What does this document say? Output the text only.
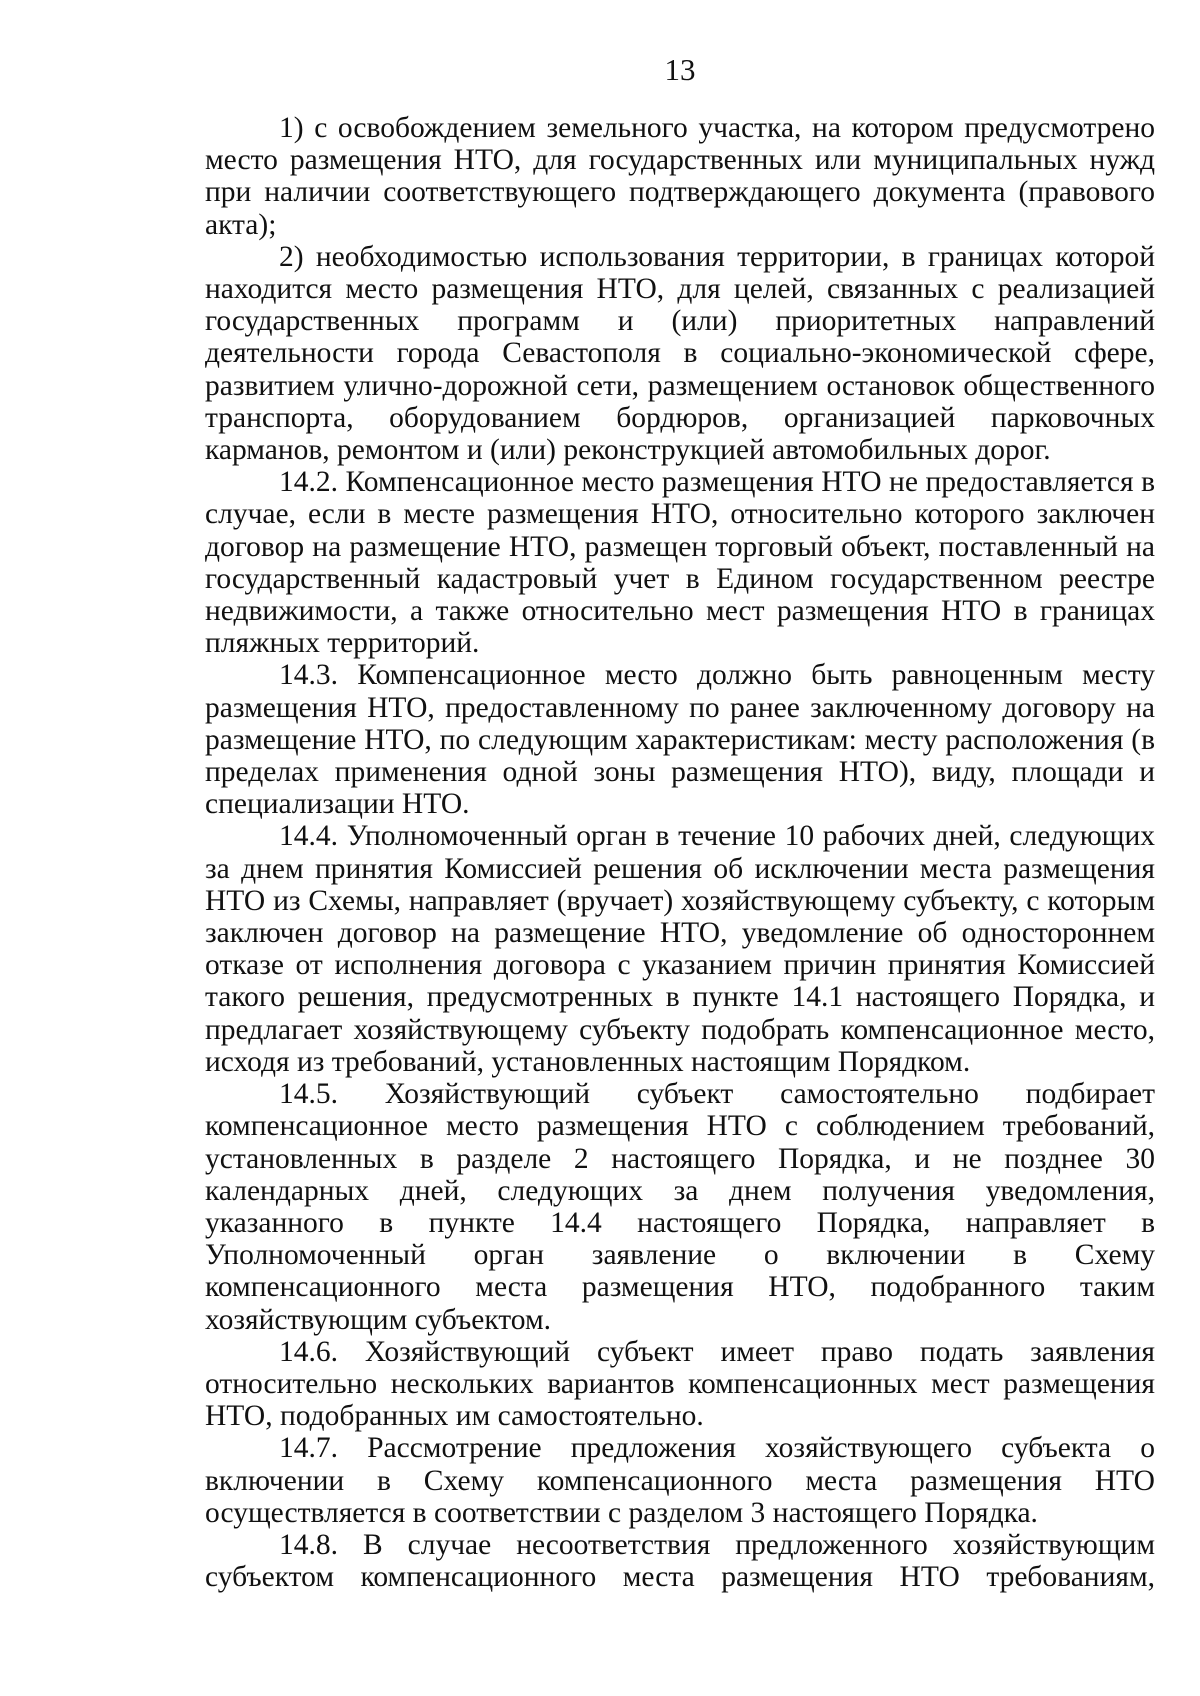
13

1) с освобождением земельного участка, на котором предусмотрено место размещения НТО, для государственных или муниципальных нужд при наличии соответствующего подтверждающего документа (правового акта);

2) необходимостью использования территории, в границах которой находится место размещения НТО, для целей, связанных с реализацией государственных программ и (или) приоритетных направлений деятельности города Севастополя в социально-экономической сфере, развитием улично-дорожной сети, размещением остановок общественного транспорта, оборудованием бордюров, организацией парковочных карманов, ремонтом и (или) реконструкцией автомобильных дорог.

14.2. Компенсационное место размещения НТО не предоставляется в случае, если в месте размещения НТО, относительно которого заключен договор на размещение НТО, размещен торговый объект, поставленный на государственный кадастровый учет в Едином государственном реестре недвижимости, а также относительно мест размещения НТО в границах пляжных территорий.

14.3. Компенсационное место должно быть равноценным месту размещения НТО, предоставленному по ранее заключенному договору на размещение НТО, по следующим характеристикам: месту расположения (в пределах применения одной зоны размещения НТО), виду, площади и специализации НТО.

14.4. Уполномоченный орган в течение 10 рабочих дней, следующих за днем принятия Комиссией решения об исключении места размещения НТО из Схемы, направляет (вручает) хозяйствующему субъекту, с которым заключен договор на размещение НТО, уведомление об одностороннем отказе от исполнения договора с указанием причин принятия Комиссией такого решения, предусмотренных в пункте 14.1 настоящего Порядка, и предлагает хозяйствующему субъекту подобрать компенсационное место, исходя из требований, установленных настоящим Порядком.

14.5. Хозяйствующий субъект самостоятельно подбирает компенсационное место размещения НТО с соблюдением требований, установленных в разделе 2 настоящего Порядка, и не позднее 30 календарных дней, следующих за днем получения уведомления, указанного в пункте 14.4 настоящего Порядка, направляет в Уполномоченный орган заявление о включении в Схему компенсационного места размещения НТО, подобранного таким хозяйствующим субъектом.

14.6. Хозяйствующий субъект имеет право подать заявления относительно нескольких вариантов компенсационных мест размещения НТО, подобранных им самостоятельно.

14.7. Рассмотрение предложения хозяйствующего субъекта о включении в Схему компенсационного места размещения НТО осуществляется в соответствии с разделом 3 настоящего Порядка.

14.8. В случае несоответствия предложенного хозяйствующим субъектом компенсационного места размещения НТО требованиям,
